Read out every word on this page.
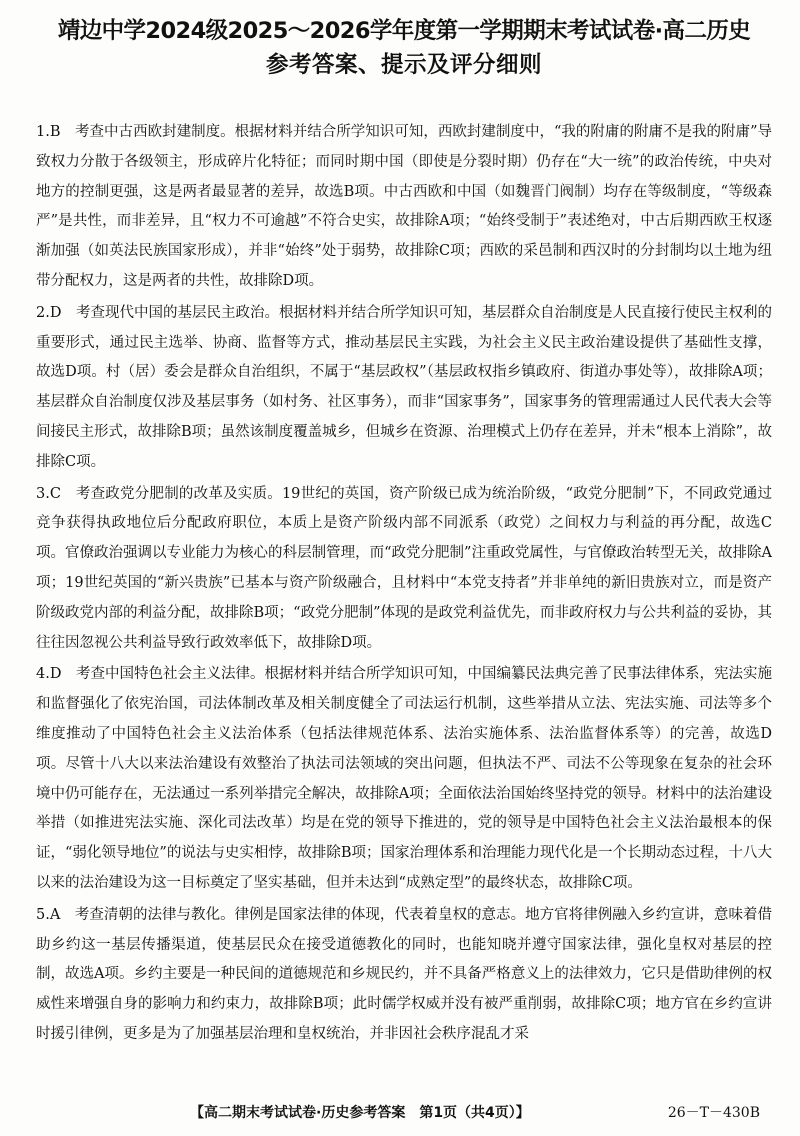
靖边中学2024级2025～2026学年度第一学期期末考试试卷·高二历史
参考答案、提示及评分细则
1.B　考查中古西欧封建制度。根据材料并结合所学知识可知，西欧封建制度中，“我的附庸的附庸不是我的附庸”导致权力分散于各级领主，形成碎片化特征；而同时期中国（即使是分裂时期）仍存在“大一统”的政治传统，中央对地方的控制更强，这是两者最显著的差异，故选B项。中古西欧和中国（如魏晋门阀制）均存在等级制度，“等级森严”是共性，而非差异，且“权力不可逾越”不符合史实，故排除A项；“始终受制于”表述绝对，中古后期西欧王权逐渐加强（如英法民族国家形成），并非“始终”处于弱势，故排除C项；西欧的采邑制和西汉时的分封制均以土地为纽带分配权力，这是两者的共性，故排除D项。
2.D　考查现代中国的基层民主政治。根据材料并结合所学知识可知，基层群众自治制度是人民直接行使民主权利的重要形式，通过民主选举、协商、监督等方式，推动基层民主实践，为社会主义民主政治建设提供了基础性支撑，故选D项。村（居）委会是群众自治组织，不属于“基层政权”（基层政权指乡镇政府、街道办事处等），故排除A项；基层群众自治制度仅涉及基层事务（如村务、社区事务），而非“国家事务”，国家事务的管理需通过人民代表大会等间接民主形式，故排除B项；虽然该制度覆盖城乡，但城乡在资源、治理模式上仍存在差异，并未“根本上消除”，故排除C项。
3.C　考查政党分肥制的改革及实质。19世纪的英国，资产阶级已成为统治阶级，“政党分肥制”下，不同政党通过竞争获得执政地位后分配政府职位，本质上是资产阶级内部不同派系（政党）之间权力与利益的再分配，故选C项。官僚政治强调以专业能力为核心的科层制管理，而“政党分肥制”注重政党属性，与官僚政治转型无关，故排除A项；19世纪英国的“新兴贵族”已基本与资产阶级融合，且材料中“本党支持者”并非单纯的新旧贵族对立，而是资产阶级政党内部的利益分配，故排除B项；“政党分肥制”体现的是政党利益优先，而非政府权力与公共利益的妥协，其往往因忽视公共利益导致行政效率低下，故排除D项。
4.D　考查中国特色社会主义法律。根据材料并结合所学知识可知，中国编纂民法典完善了民事法律体系，宪法实施和监督强化了依宪治国，司法体制改革及相关制度健全了司法运行机制，这些举措从立法、宪法实施、司法等多个维度推动了中国特色社会主义法治体系（包括法律规范体系、法治实施体系、法治监督体系等）的完善，故选D项。尽管十八大以来法治建设有效整治了执法司法领域的突出问题，但执法不严、司法不公等现象在复杂的社会环境中仍可能存在，无法通过一系列举措完全解决，故排除A项；全面依法治国始终坚持党的领导。材料中的法治建设举措（如推进宪法实施、深化司法改革）均是在党的领导下推进的，党的领导是中国特色社会主义法治最根本的保证，“弱化领导地位”的说法与史实相悖，故排除B项；国家治理体系和治理能力现代化是一个长期动态过程，十八大以来的法治建设为这一目标奠定了坚实基础，但并未达到“成熟定型”的最终状态，故排除C项。
5.A　考查清朝的法律与教化。律例是国家法律的体现，代表着皇权的意志。地方官将律例融入乡约宣讲，意味着借助乡约这一基层传播渠道，使基层民众在接受道德教化的同时，也能知晓并遵守国家法律，强化皇权对基层的控制，故选A项。乡约主要是一种民间的道德规范和乡规民约，并不具备严格意义上的法律效力，它只是借助律例的权威性来增强自身的影响力和约束力，故排除B项；此时儒学权威并没有被严重削弱，故排除C项；地方官在乡约宣讲时援引律例，更多是为了加强基层治理和皇权统治，并非因社会秩序混乱才采
【高二期末考试试卷·历史参考答案　第1页（共4页）】	26－T－430B
